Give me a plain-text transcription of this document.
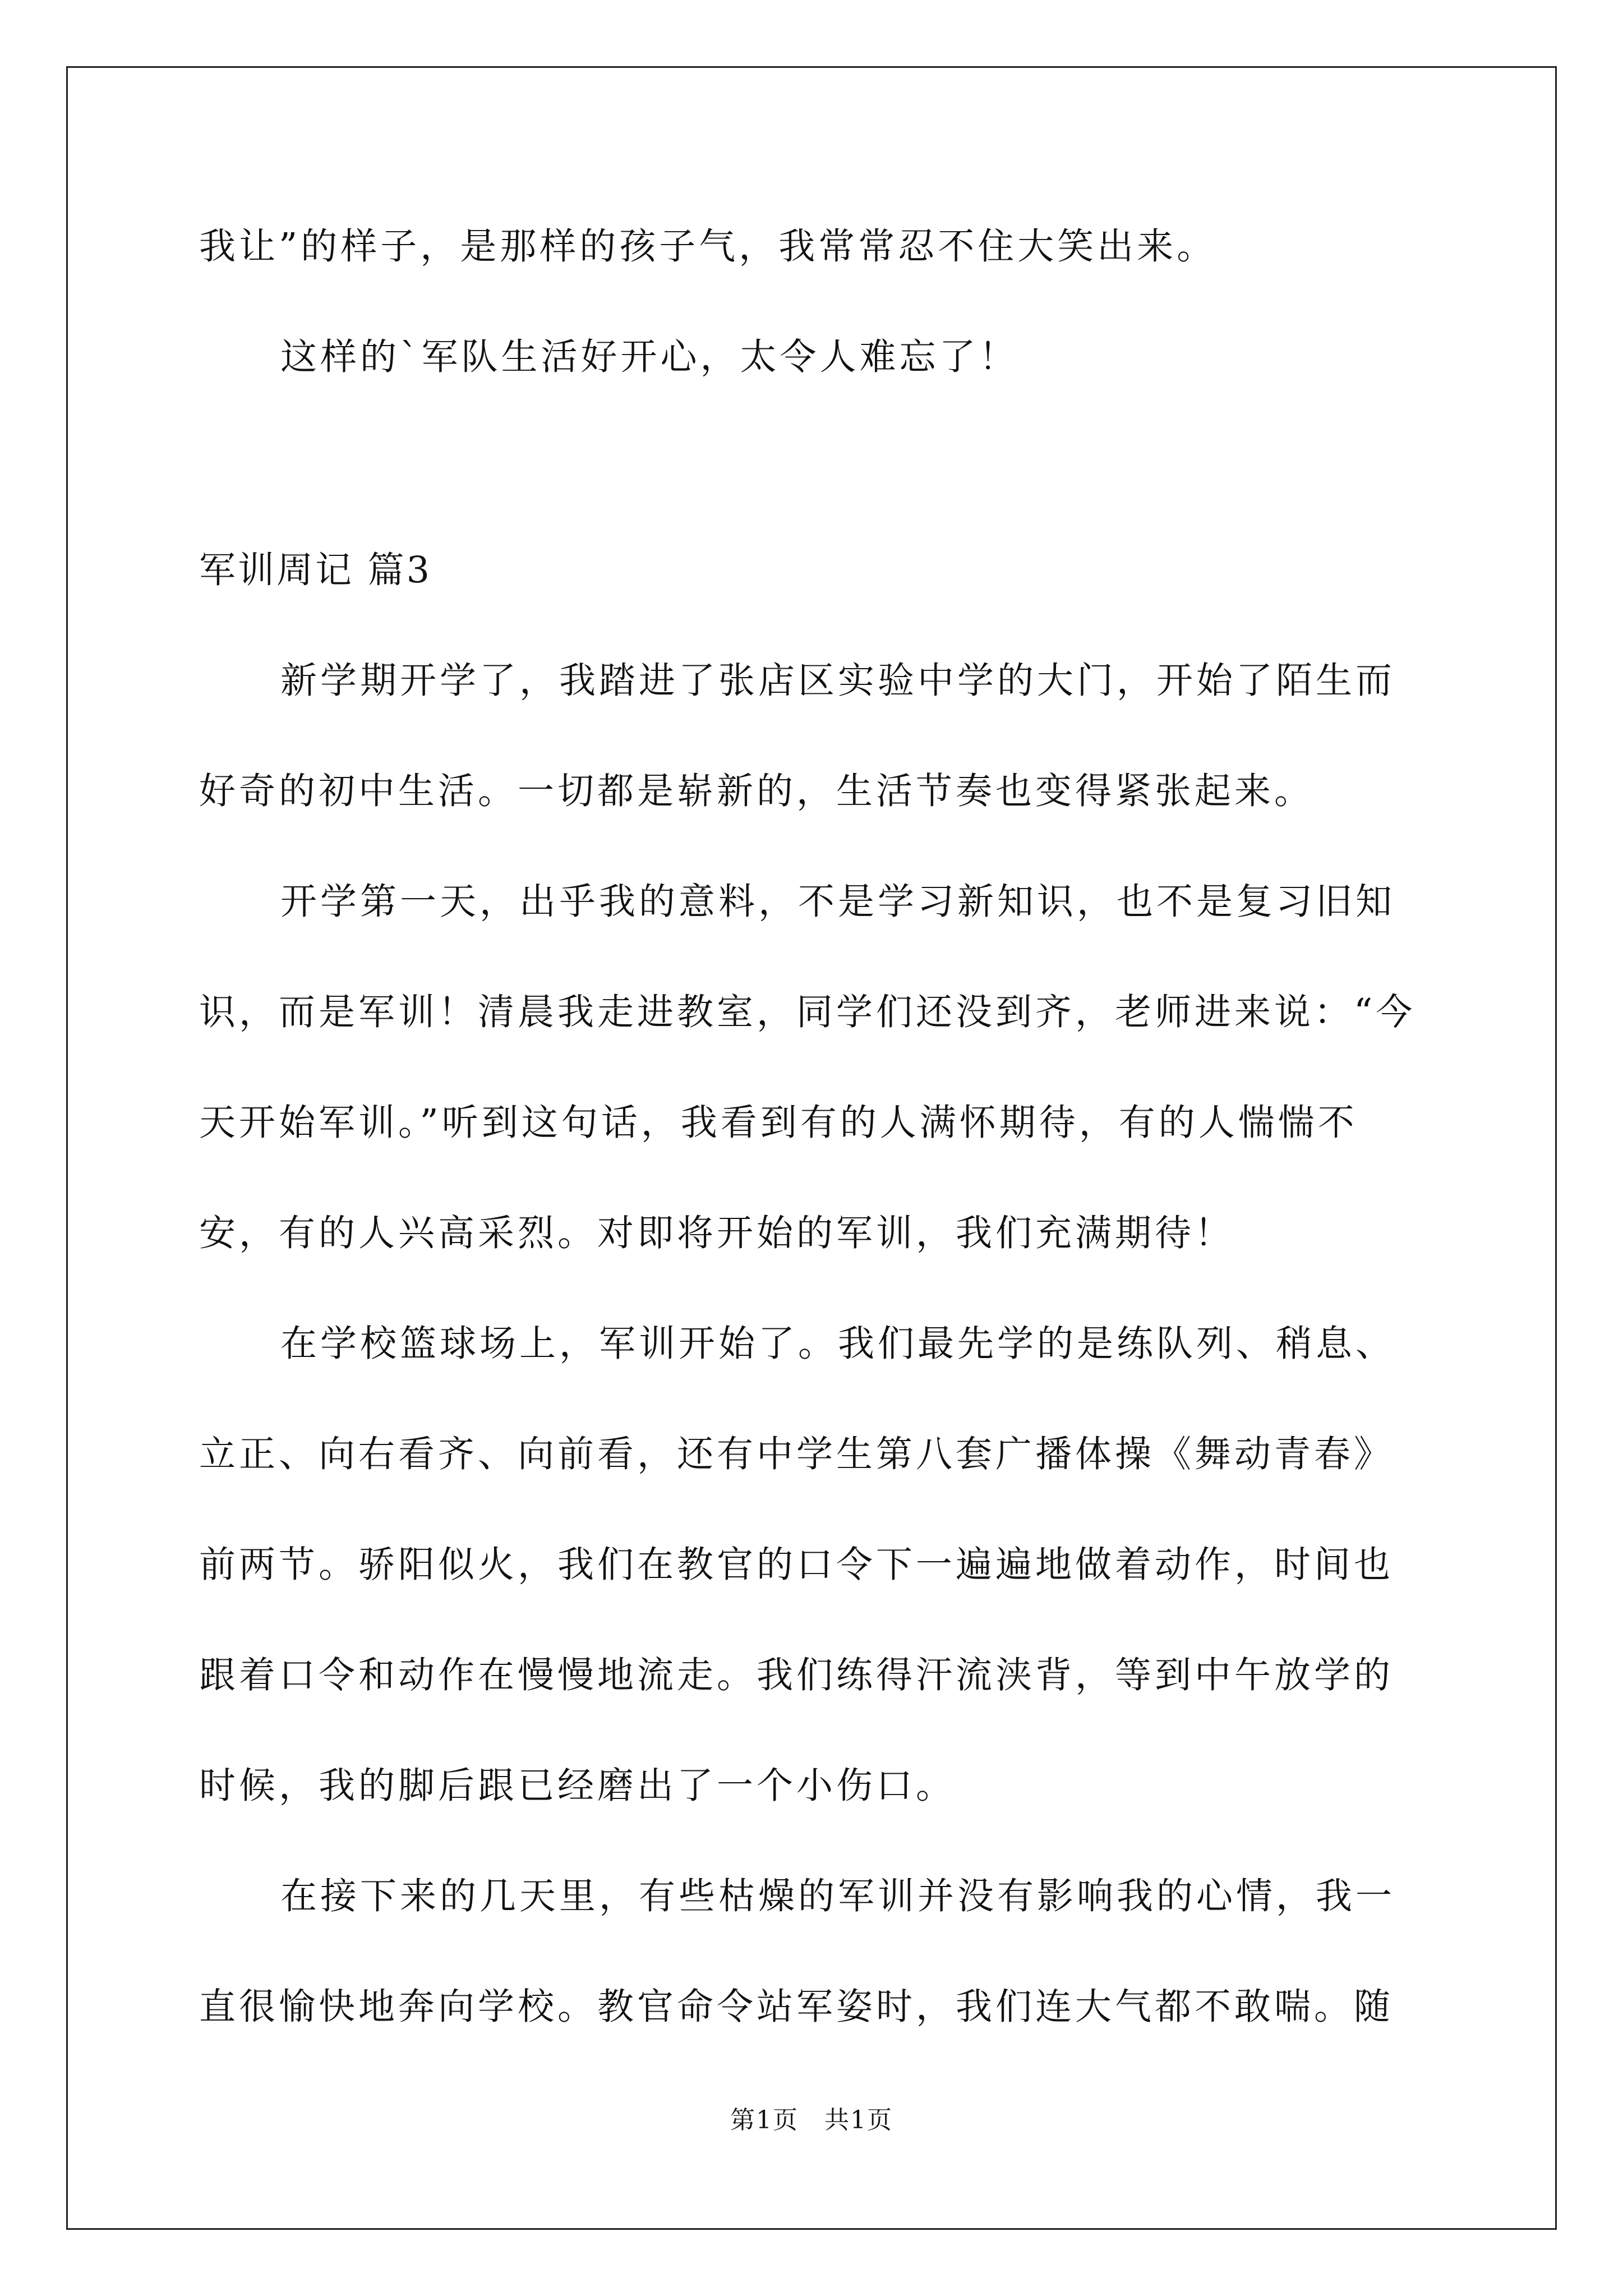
我让”的样子，是那样的孩子气，我常常忍不住大笑出来。
这样的`军队生活好开心，太令人难忘了！
军训周记 篇3
新学期开学了，我踏进了张店区实验中学的大门，开始了陌生而
好奇的初中生活。一切都是崭新的，生活节奏也变得紧张起来。
开学第一天，出乎我的意料，不是学习新知识，也不是复习旧知
识，而是军训！清晨我走进教室，同学们还没到齐，老师进来说：“今
天开始军训。”听到这句话，我看到有的人满怀期待，有的人惴惴不
安，有的人兴高采烈。对即将开始的军训，我们充满期待！
在学校篮球场上，军训开始了。我们最先学的是练队列、稍息、
立正、向右看齐、向前看，还有中学生第八套广播体操《舞动青春》
前两节。骄阳似火，我们在教官的口令下一遍遍地做着动作，时间也
跟着口令和动作在慢慢地流走。我们练得汗流浃背，等到中午放学的
时候，我的脚后跟已经磨出了一个小伤口。
在接下来的几天里，有些枯燥的军训并没有影响我的心情，我一
直很愉快地奔向学校。教官命令站军姿时，我们连大气都不敢喘。随
第1页　共1页
